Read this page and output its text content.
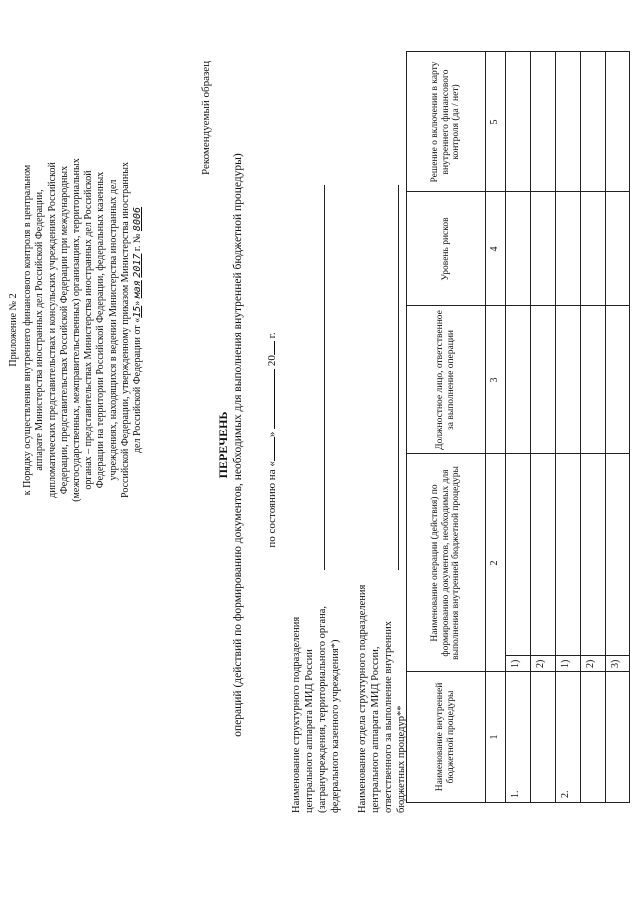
Приложение № 2 к Порядку осуществления внутреннего финансового контроля в центральном аппарате Министерства иностранных дел Российской Федерации, дипломатических представительствах и консульских учреждениях Российской Федерации, представительствах Российской Федерации при международных (межгосударственных, межправительственных) организациях, территориальных органах – представительствах Министерства иностранных дел Российской Федерации на территории Российской Федерации, федеральных казенных учреждениях, находящихся в ведении Министерства иностранных дел Российской Федерации, утвержденному приказом Министерства иностранных дел Российской Федерации от «15» мая 2017 г. № 8006
Рекомендуемый образец
ПЕРЕЧЕНЬ операций (действий по формированию документов, необходимых для выполнения внутренней бюджетной процедуры) по состоянию на «»  20 г.
Наименование структурного подразделения центрального аппарата МИД России (загранучреждения, территориального органа, федерального казенного учреждения*) Наименование отдела структурного подразделения центрального аппарата МИД России, ответственного за выполнение внутренних бюджетных процедур**	Наименование внутренней бюджетной процедуры
Наименование операции (действия) по формированию документов, необходимых для выполнения внутренней бюджетной процедуры
Должностное лицо, ответственное за выполнение операции
Уровень рисков
Решение о включении в карту внутреннего финансового контроля (да / нет)
1
2
3
4
5
1.	2.
1) 2) 1) 2) 3)
